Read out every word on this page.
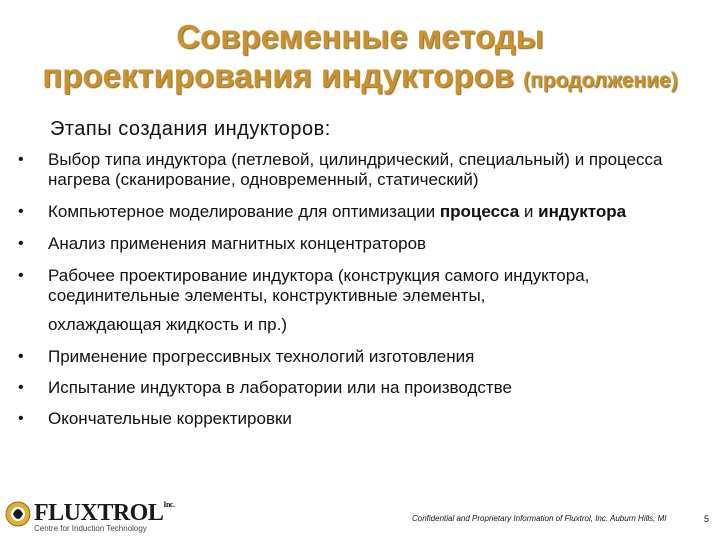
Современные методы
проектирования индукторов (продолжение)
Этапы создания индукторов:
• Выбор типа индуктора (петлевой, цилиндрический, специальный) и процесса нагрева (сканирование, одновременный, статический)
• Компьютерное моделирование для оптимизации процесса и индуктора
• Анализ применения магнитных концентраторов
• Рабочее проектирование индуктора (конструкция самого индуктора, соединительные элементы, конструктивные элементы,
охлаждающая жидкость и пр.)
• Применение прогрессивных технологий изготовления
• Испытание индуктора в лаборатории или на производстве
• Окончательные корректировки
$FLUXTROL^{Inc.}$
Centre for Induction Technology
Confidential and Proprietary Information of Fluxtrol, Inc. Auburn Hills, MI	5
